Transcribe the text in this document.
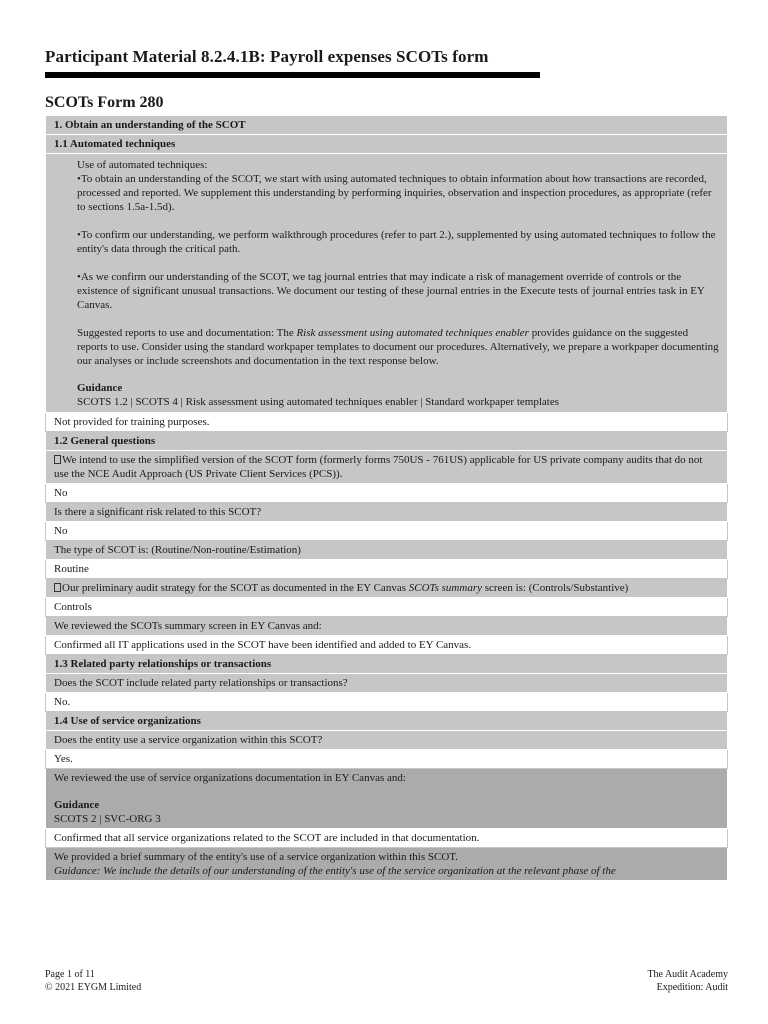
Participant Material 8.2.4.1B: Payroll expenses SCOTs form
SCOTs Form 280
1. Obtain an understanding of the SCOT
1.1 Automated techniques

Use of automated techniques:
•To obtain an understanding of the SCOT, we start with using automated techniques to obtain information about how transactions are recorded, processed and reported. We supplement this understanding by performing inquiries, observation and inspection procedures, as appropriate (refer to sections 1.5a-1.5d).
•To confirm our understanding, we perform walkthrough procedures (refer to part 2.), supplemented by using automated techniques to follow the entity's data through the critical path.
•As we confirm our understanding of the SCOT, we tag journal entries that may indicate a risk of management override of controls or the existence of significant unusual transactions. We document our testing of these journal entries in the Execute tests of journal entries task in EY Canvas.
Suggested reports to use and documentation: The Risk assessment using automated techniques enabler provides guidance on the suggested reports to use. Consider using the standard workpaper templates to document our procedures. Alternatively, we prepare a workpaper documenting our analyses or include screenshots and documentation in the text response below.
Guidance
SCOTS 1.2 | SCOTS 4 | Risk assessment using automated techniques enabler | Standard workpaper templates

Not provided for training purposes.
1.2 General questions
We intend to use the simplified version of the SCOT form (formerly forms 750US - 761US) applicable for US private company audits that do not use the NCE Audit Approach (US Private Client Services (PCS)).
No
Is there a significant risk related to this SCOT?
No
The type of SCOT is: (Routine/Non-routine/Estimation)
Routine
Our preliminary audit strategy for the SCOT as documented in the EY Canvas SCOTs summary screen is: (Controls/Substantive)
Controls
We reviewed the SCOTs summary screen in EY Canvas and:
Confirmed all IT applications used in the SCOT have been identified and added to EY Canvas.
1.3 Related party relationships or transactions
Does the SCOT include related party relationships or transactions?
No.
1.4 Use of service organizations
Does the entity use a service organization within this SCOT?
Yes.

We reviewed the use of service organizations documentation in EY Canvas and:
Guidance
SCOTS 2 | SVC-ORG 3

Confirmed that all service organizations related to the SCOT are included in that documentation.

We provided a brief summary of the entity's use of a service organization within this SCOT.
Guidance: We include the details of our understanding of the entity's use of the service organization at the relevant phase of the
Page 1 of 11
© 2021 EYGM Limited
The Audit Academy
Expedition: Audit
